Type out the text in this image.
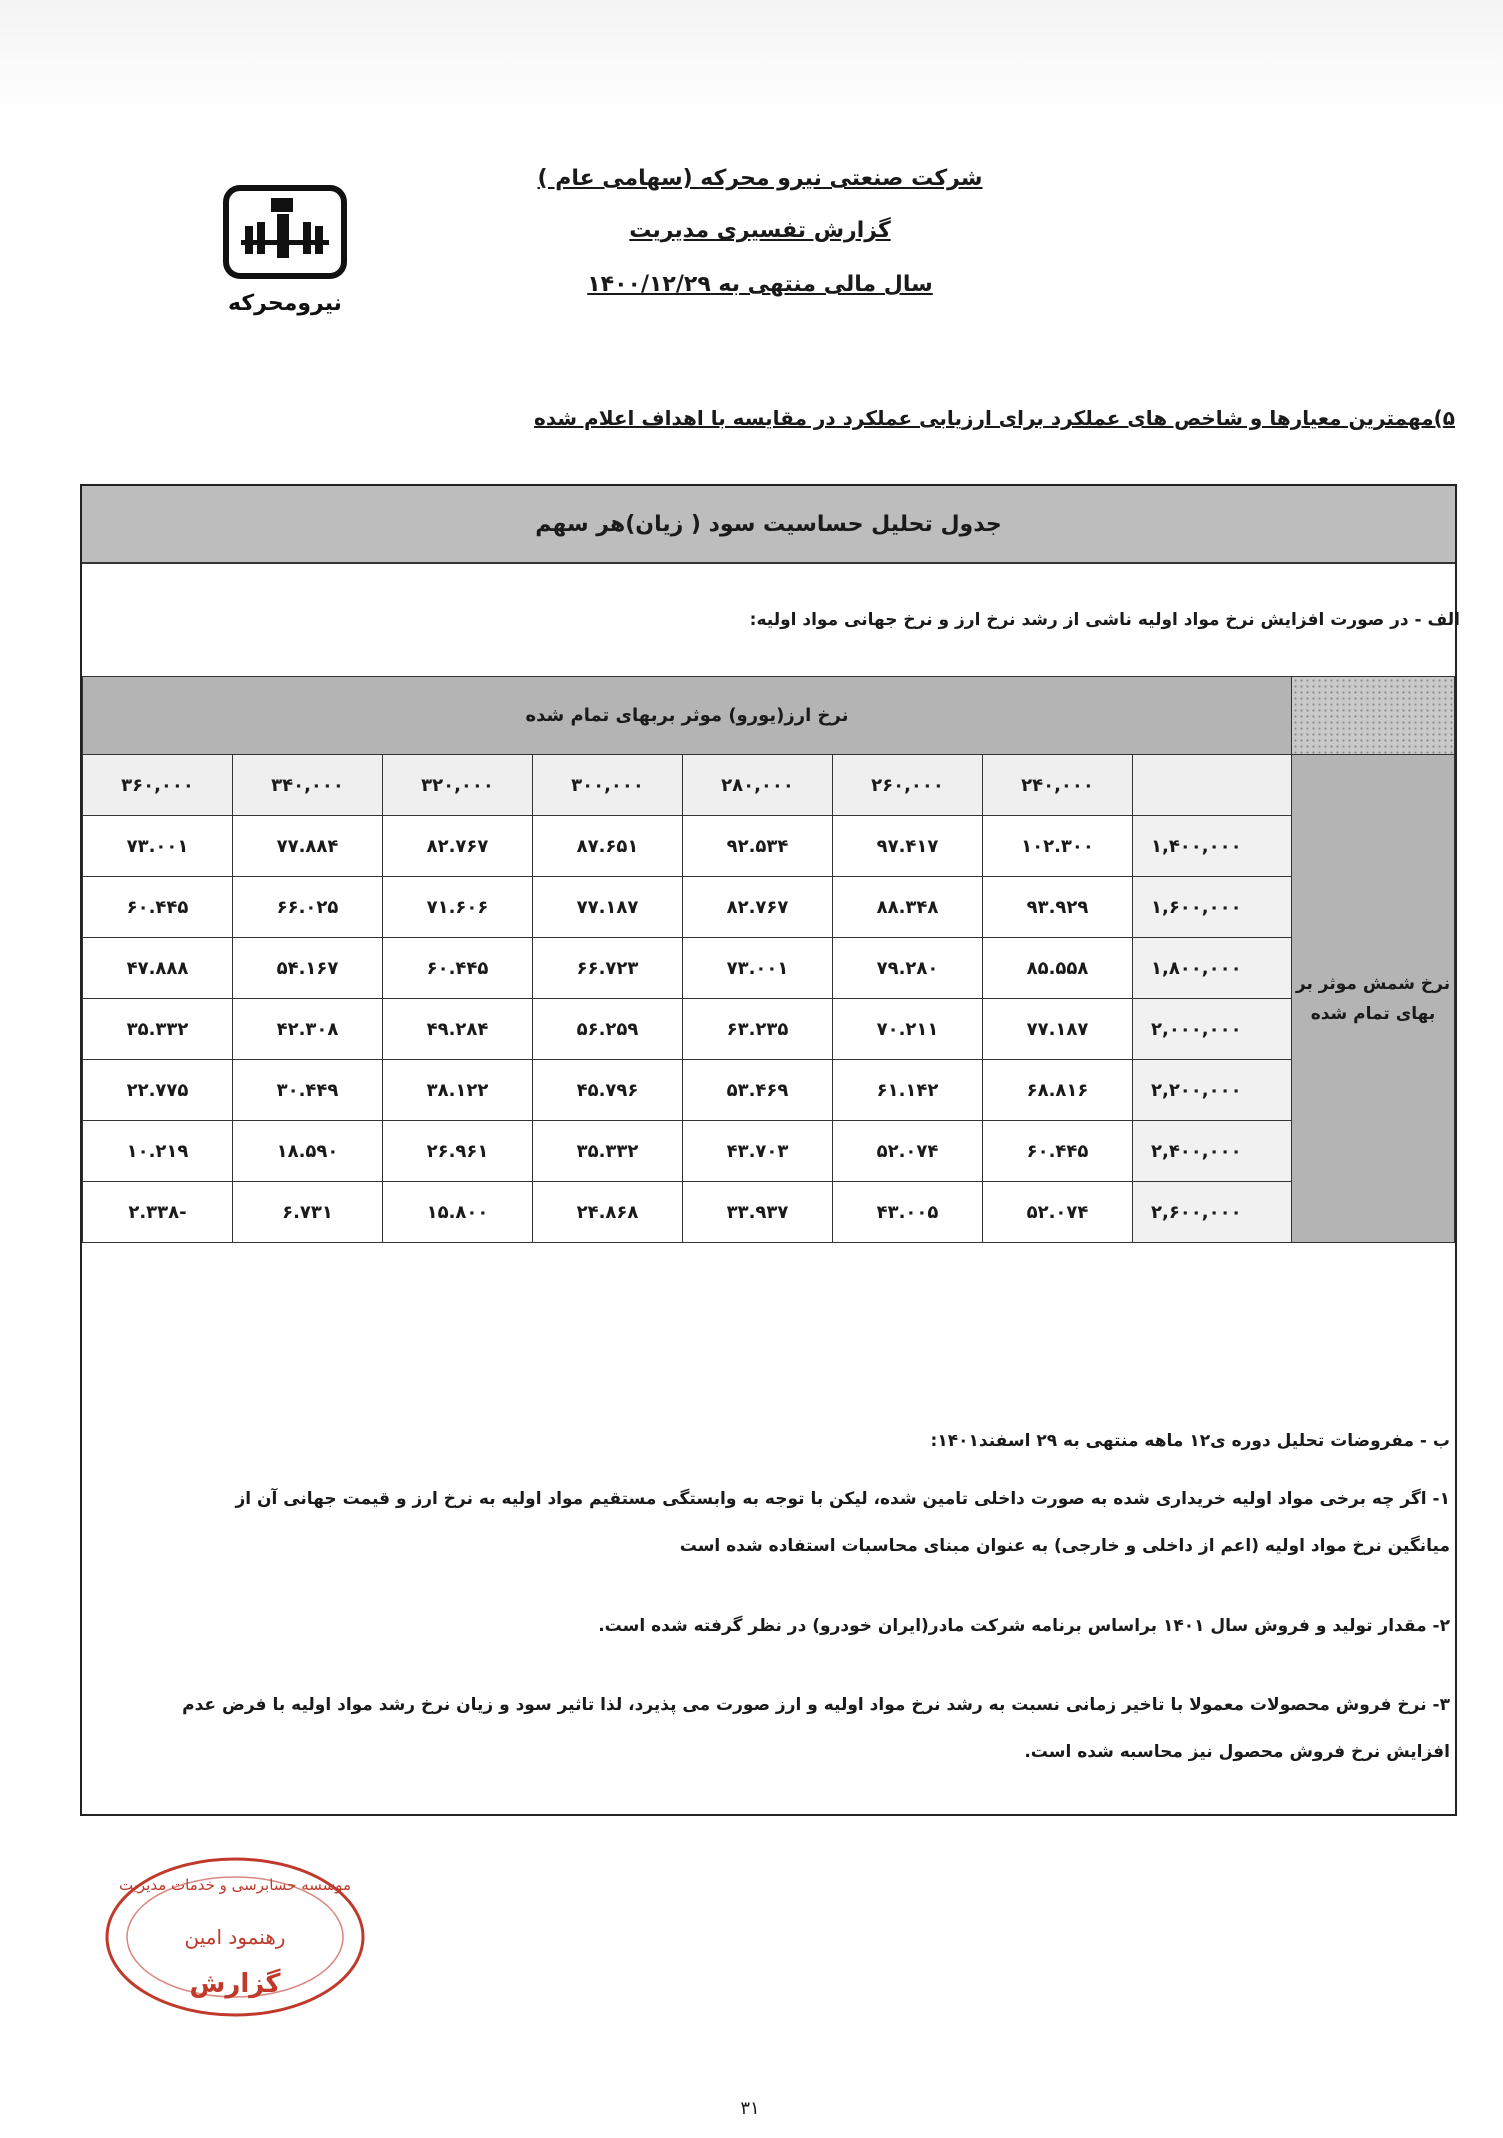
شرکت صنعتی نیرو محرکه (سهامی عام )
گزارش تفسیری مدیریت
سال مالی منتهی به ۱۴۰۰/۱۲/۲۹
نیرومحرکه
۵)مهمترین معیارها و شاخص های عملکرد برای ارزیابی عملکرد در مقایسه با اهداف اعلام شده
جدول تحلیل حساسیت سود ( زیان)هر سهم
الف - در صورت افزایش نرخ مواد اولیه ناشی از رشد نرخ ارز و نرخ جهانی مواد اولیه:
	نرخ ارز(یورو) موثر بربهای تمام شده							
نرخ شمش موثر بر بهای تمام شده		۲۴۰,۰۰۰	۲۶۰,۰۰۰	۲۸۰,۰۰۰	۳۰۰,۰۰۰	۳۲۰,۰۰۰	۳۴۰,۰۰۰	۳۶۰,۰۰۰
	۱,۴۰۰,۰۰۰	۱۰۲.۳۰۰	۹۷.۴۱۷	۹۲.۵۳۴	۸۷.۶۵۱	۸۲.۷۶۷	۷۷.۸۸۴	۷۳.۰۰۱
	۱,۶۰۰,۰۰۰	۹۳.۹۲۹	۸۸.۳۴۸	۸۲.۷۶۷	۷۷.۱۸۷	۷۱.۶۰۶	۶۶.۰۲۵	۶۰.۴۴۵
	۱,۸۰۰,۰۰۰	۸۵.۵۵۸	۷۹.۲۸۰	۷۳.۰۰۱	۶۶.۷۲۳	۶۰.۴۴۵	۵۴.۱۶۷	۴۷.۸۸۸
	۲,۰۰۰,۰۰۰	۷۷.۱۸۷	۷۰.۲۱۱	۶۳.۲۳۵	۵۶.۲۵۹	۴۹.۲۸۴	۴۲.۳۰۸	۳۵.۳۳۲
	۲,۲۰۰,۰۰۰	۶۸.۸۱۶	۶۱.۱۴۲	۵۳.۴۶۹	۴۵.۷۹۶	۳۸.۱۲۲	۳۰.۴۴۹	۲۲.۷۷۵
	۲,۴۰۰,۰۰۰	۶۰.۴۴۵	۵۲.۰۷۴	۴۳.۷۰۳	۳۵.۳۳۲	۲۶.۹۶۱	۱۸.۵۹۰	۱۰.۲۱۹
	۲,۶۰۰,۰۰۰	۵۲.۰۷۴	۴۳.۰۰۵	۳۳.۹۳۷	۲۴.۸۶۸	۱۵.۸۰۰	۶.۷۳۱	-۲.۳۳۸
ب - مفروضات تحلیل دوره ی۱۲ ماهه منتهی به ۲۹ اسفند۱۴۰۱:
۱- اگر چه برخی مواد اولیه خریداری شده به صورت داخلی تامین شده، لیکن با توجه به وابستگی مستقیم مواد اولیه به نرخ ارز و قیمت جهانی آن از
میانگین نرخ مواد اولیه (اعم از داخلی و خارجی) به عنوان مبنای محاسبات استفاده شده است
۲- مقدار تولید و فروش سال ۱۴۰۱ براساس برنامه شرکت مادر(ایران خودرو) در نظر گرفته شده است.
۳- نرخ فروش محصولات معمولا با تاخیر زمانی نسبت به رشد نرخ مواد اولیه و ارز صورت می پذیرد، لذا تاثیر سود و زیان نرخ رشد مواد اولیه با فرض عدم
افزایش نرخ فروش محصول نیز محاسبه شده است.
موسسه حسابرسی و خدمات مدیریت
رهنمود امین
گزارش
۳۱
